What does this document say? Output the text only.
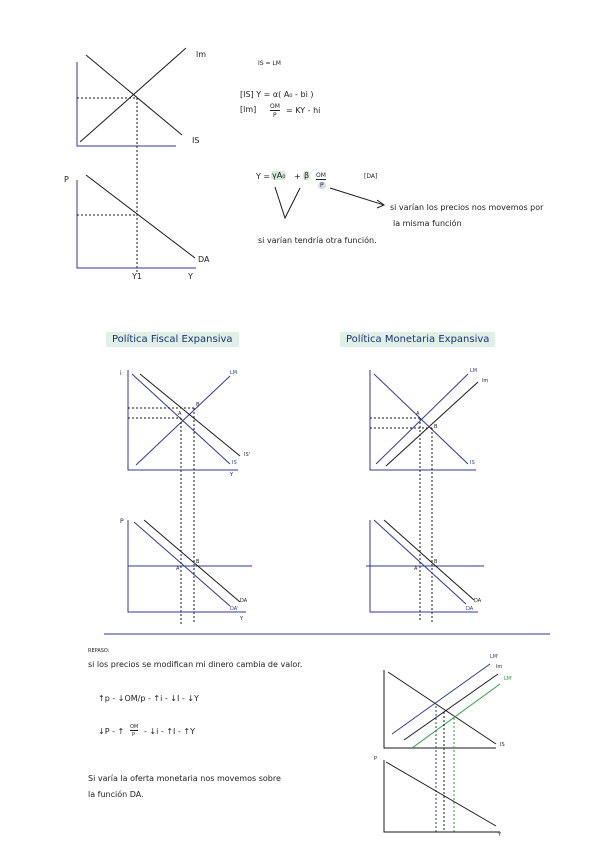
lm
IS
P
DA
Y1	Y
IS = LM
[IS] Y = α( A₀ - bi )
[lm] OM
P
= KY - hi
Y = γA₀ + β OM
P
[DA]
si varían los precios nos movemos por
la misma función
si varían tendría otra función.
Política Fiscal Expansiva	Política Monetaria Expansiva
i	LM
IS'
IS
Y
A
B
P
A
B
DA
DA'
Y
LM
lm
IS
A
B
A
B
DA
DA
REPASO:
si los precios se modifican mi dinero cambia de valor.
↑p - ↓OM/p - ↑i - ↓I - ↓Y
↓P - ↑ OM
P - ↓i - ↑I - ↑Y
Si varía la oferta monetaria nos movemos sobre
la función DA.
LM'
lm
LM'
IS
P
Y
